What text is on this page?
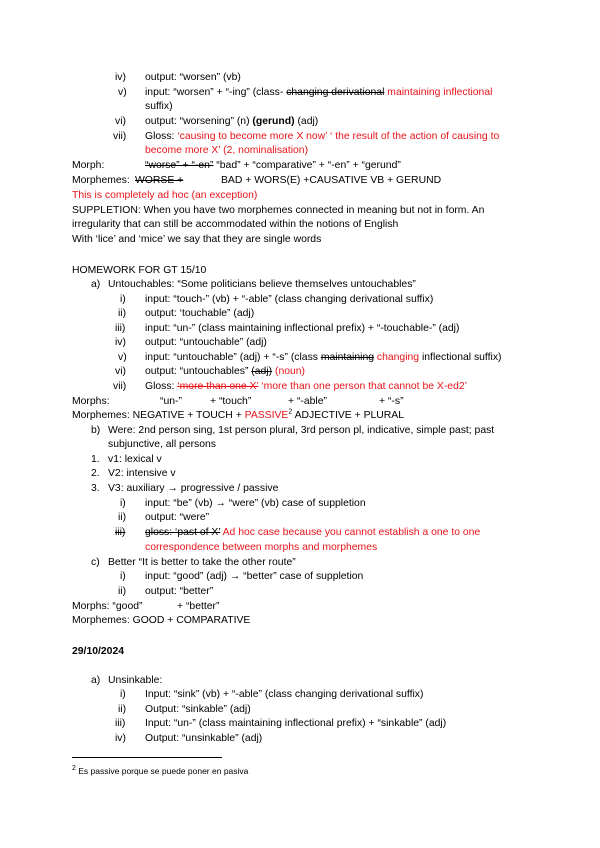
iv) output: “worsen” (vb)
v) input: “worsen” + “-ing” (class- changing derivational maintaining inflectional
suffix)
vi) output: “worsening” (n) (gerund) (adj)
vii) Gloss: ‘causing to become more X now’ ‘ the result of the action of causing to
become more X’ (2, nominalisation)
Morph:	“worse” + “-en” “bad” + “comparative” + “-en” + “gerund”
Morphemes: WORSE +	BAD + WORS(E) +CAUSATIVE VB + GERUND
This is completely ad hoc (an exception)
SUPPLETION: When you have two morphemes connected in meaning but not in form. An
irregularity that can still be accommodated within the notions of English
With ‘lice’ and ‘mice’ we say that they are single words
HOMEWORK FOR GT 15/10
a) Untouchables: “Some politicians believe themselves untouchables”
i) input: “touch-” (vb) + “-able” (class changing derivational suffix)
ii) output: ‘touchable” (adj)
iii) input: “un-” (class maintaining inflectional prefix) + “-touchable-” (adj)
iv) output: “untouchable” (adj)
v) input: “untouchable” (adj) + “-s” (class maintaining changing inflectional suffix)
vi) output: “untouchables” (adj) (noun)
vii) Gloss: ‘more than one X’ ‘more than one person that cannot be X-ed2’
Morphs:	“un-”	+ “touch”	+ “-able”	+ “-s”
Morphemes: NEGATIVE + TOUCH + $PASSIVE^2$ ADJECTIVE + PLURAL
b) Were: 2nd person sing, 1st person plural, 3rd person pl, indicative, simple past; past
subjunctive, all persons
1. v1: lexical v
2. V2: intensive v
3. V3: auxiliary → progressive / passive
i) input: “be” (vb) → “were” (vb) case of suppletion
ii) output: “were”
iii) gloss: ‘past of X’ Ad hoc case because you cannot establish a one to one
correspondence between morphs and morphemes
c) Better “It is better to take the other route”
i) input: “good” (adj) → “better” case of suppletion
ii) output: “better”
Morphs: “good”	+ “better”
Morphemes: GOOD + COMPARATIVE
29/10/2024
a) Unsinkable:
i) Input: “sink” (vb) + “-able” (class changing derivational suffix)
ii) Output: “sinkable” (adj)
iii) Input: “un-” (class maintaining inflectional prefix) + “sinkable” (adj)
iv) Output: “unsinkable” (adj)
$^2$ Es passive porque se puede poner en pasiva
